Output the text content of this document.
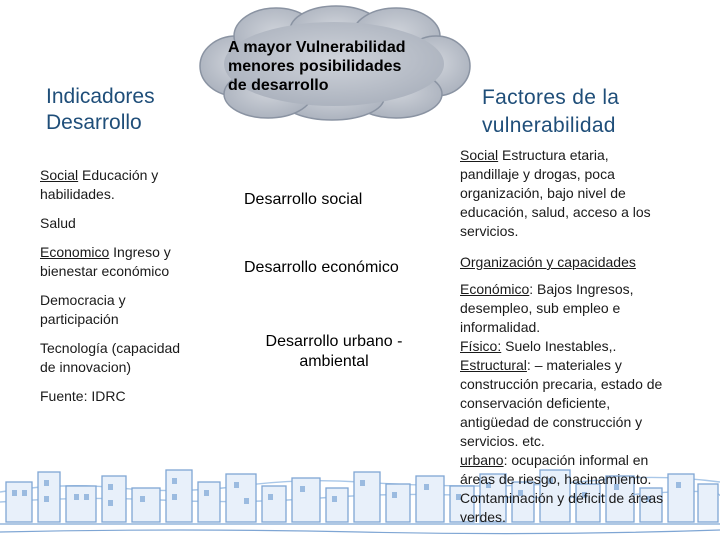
A mayor Vulnerabilidad
menores posibilidades
de desarrollo
Indicadores
Desarrollo
Factores de la
vulnerabilidad
Social Educación y
habilidades.
Salud
Economico Ingreso y
bienestar económico
Democracia y
participación
Tecnología (capacidad
de innovacion)
Fuente: IDRC
Desarrollo social
Desarrollo económico
Desarrollo urbano -
ambiental
Social Estructura etaria,
pandillaje y drogas, poca
organización, bajo nivel de
educación, salud, acceso a los
servicios.
Organización y capacidades
Económico: Bajos Ingresos,
desempleo, sub empleo e
informalidad.
Físico: Suelo Inestables,.
Estructural: – materiales y
construcción precaria, estado de
conservación deficiente,
antigüedad de construcción y
servicios. etc.
urbano: ocupación informal en
áreas de riesgo, hacinamiento.
Contaminación y déficit de áreas
verdes.
